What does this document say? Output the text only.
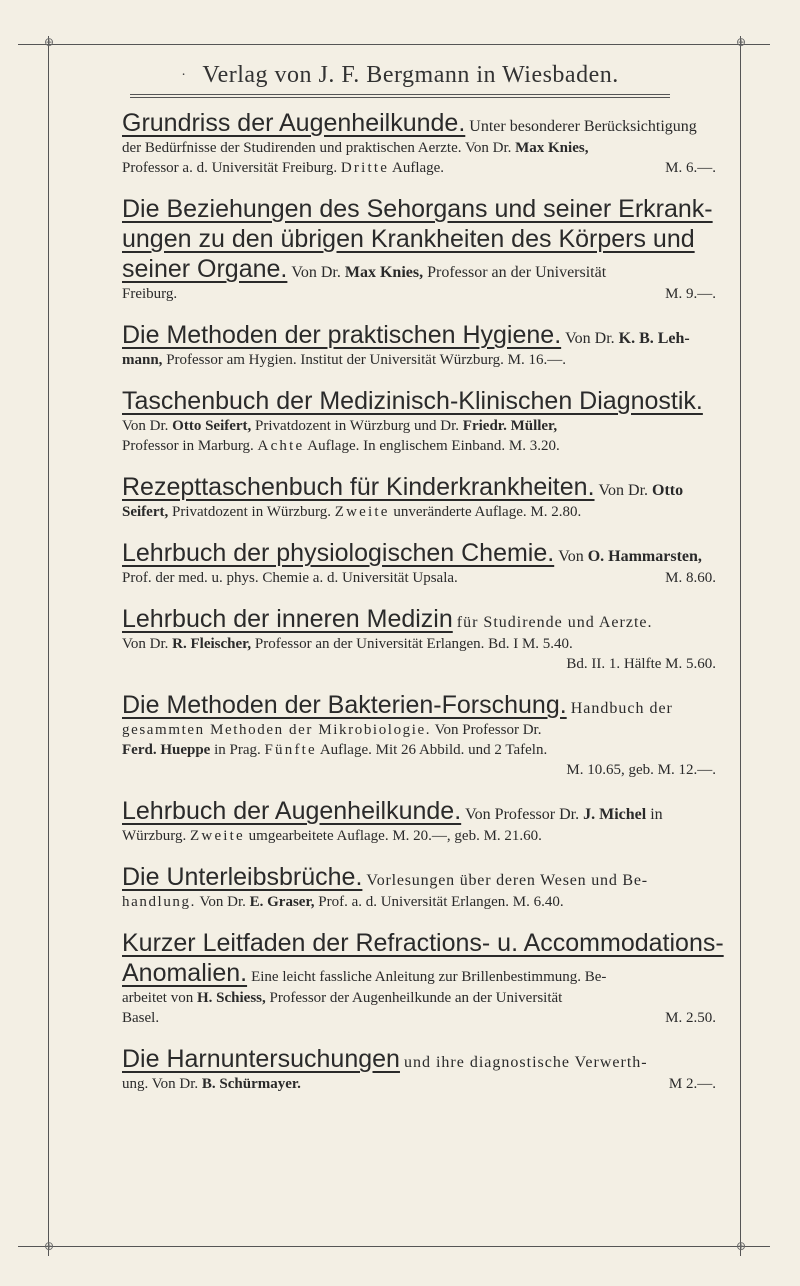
⊕	⊕
⊕	⊕
· Verlag von J. F. Bergmann in Wiesbaden.
Grundriss der Augenheilkunde. Unter besonderer Berücksichtigung
der Bedürfnisse der Studirenden und praktischen Aerzte. Von Dr. Max Knies,
Professor a. d. Universität Freiburg. Dritte Auflage.	M. 6.—.
Die Beziehungen des Sehorgans und seiner Erkrank-
ungen zu den übrigen Krankheiten des Körpers und
seiner Organe. Von Dr. Max Knies, Professor an der Universität
Freiburg.	M. 9.—.
Die Methoden der praktischen Hygiene. Von Dr. K. B. Leh-
mann, Professor am Hygien. Institut der Universität Würzburg. M. 16.—.
Taschenbuch der Medizinisch-Klinischen Diagnostik.
Von Dr. Otto Seifert, Privatdozent in Würzburg und Dr. Friedr. Müller,
Professor in Marburg. Achte Auflage. In englischem Einband. M. 3.20.
Rezepttaschenbuch für Kinderkrankheiten. Von Dr. Otto
Seifert, Privatdozent in Würzburg. Zweite unveränderte Auflage. M. 2.80.
Lehrbuch der physiologischen Chemie. Von O. Hammarsten,
Prof. der med. u. phys. Chemie a. d. Universität Upsala.	M. 8.60.
Lehrbuch der inneren Medizin für Studirende und Aerzte.
Von Dr. R. Fleischer, Professor an der Universität Erlangen. Bd. I M. 5.40.
Bd. II. 1. Hälfte M. 5.60.
Die Methoden der Bakterien-Forschung. Handbuch der
gesammten Methoden der Mikrobiologie. Von Professor Dr.
Ferd. Hueppe in Prag. Fünfte Auflage. Mit 26 Abbild. und 2 Tafeln.
M. 10.65, geb. M. 12.—.
Lehrbuch der Augenheilkunde. Von Professor Dr. J. Michel in
Würzburg. Zweite umgearbeitete Auflage. M. 20.—, geb. M. 21.60.
Die Unterleibsbrüche. Vorlesungen über deren Wesen und Be-
handlung. Von Dr. E. Graser, Prof. a. d. Universität Erlangen. M. 6.40.
Kurzer Leitfaden der Refractions- u. Accommodations-
Anomalien. Eine leicht fassliche Anleitung zur Brillenbestimmung. Be-
arbeitet von H. Schiess, Professor der Augenheilkunde an der Universität
Basel.	M. 2.50.
Die Harnuntersuchungen und ihre diagnostische Verwerth-
ung. Von Dr. B. Schürmayer.	M 2.—.
